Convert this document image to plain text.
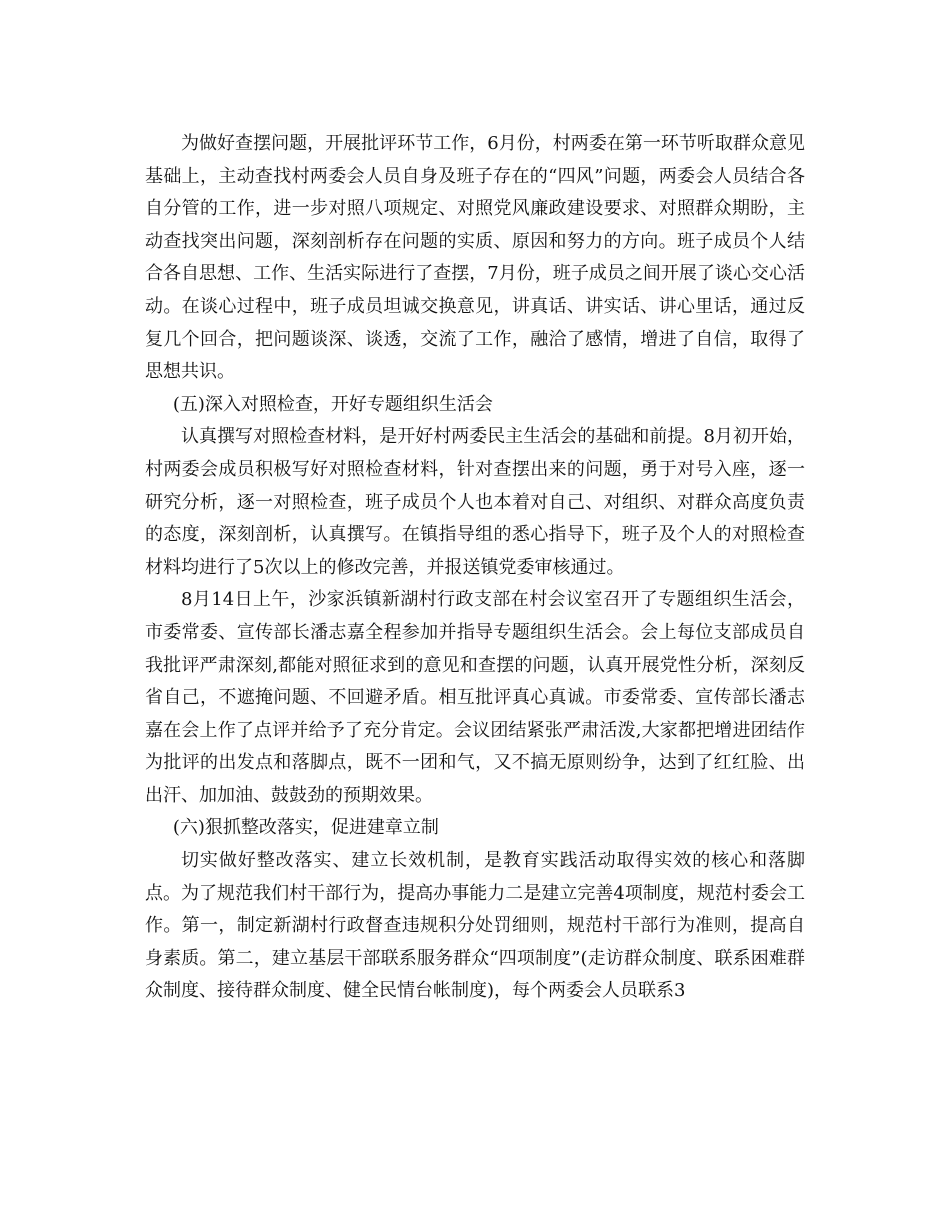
为做好查摆问题，开展批评环节工作，6月份，村两委在第一环节听取群众意见基础上，主动查找村两委会人员自身及班子存在的“四风”问题，两委会人员结合各自分管的工作，进一步对照八项规定、对照党风廉政建设要求、对照群众期盼，主动查找突出问题，深刻剖析存在问题的实质、原因和努力的方向。班子成员个人结合各自思想、工作、生活实际进行了查摆，7月份，班子成员之间开展了谈心交心活动。在谈心过程中，班子成员坦诚交换意见，讲真话、讲实话、讲心里话，通过反复几个回合，把问题谈深、谈透，交流了工作，融洽了感情，增进了自信，取得了思想共识。

(五)深入对照检查，开好专题组织生活会

认真撰写对照检查材料，是开好村两委民主生活会的基础和前提。8月初开始，村两委会成员积极写好对照检查材料，针对查摆出来的问题，勇于对号入座，逐一研究分析，逐一对照检查，班子成员个人也本着对自己、对组织、对群众高度负责的态度，深刻剖析，认真撰写。在镇指导组的悉心指导下，班子及个人的对照检查材料均进行了5次以上的修改完善，并报送镇党委审核通过。

8月14日上午，沙家浜镇新湖村行政支部在村会议室召开了专题组织生活会，市委常委、宣传部长潘志嘉全程参加并指导专题组织生活会。会上每位支部成员自我批评严肃深刻,都能对照征求到的意见和查摆的问题，认真开展党性分析，深刻反省自己，不遮掩问题、不回避矛盾。相互批评真心真诚。市委常委、宣传部长潘志嘉在会上作了点评并给予了充分肯定。会议团结紧张严肃活泼,大家都把增进团结作为批评的出发点和落脚点，既不一团和气，又不搞无原则纷争，达到了红红脸、出出汗、加加油、鼓鼓劲的预期效果。

(六)狠抓整改落实，促进建章立制

切实做好整改落实、建立长效机制，是教育实践活动取得实效的核心和落脚点。为了规范我们村干部行为，提高办事能力二是建立完善4项制度，规范村委会工作。第一，制定新湖村行政督查违规积分处罚细则，规范村干部行为准则，提高自身素质。第二，建立基层干部联系服务群众“四项制度”(走访群众制度、联系困难群众制度、接待群众制度、健全民情台帐制度)，每个两委会人员联系3
